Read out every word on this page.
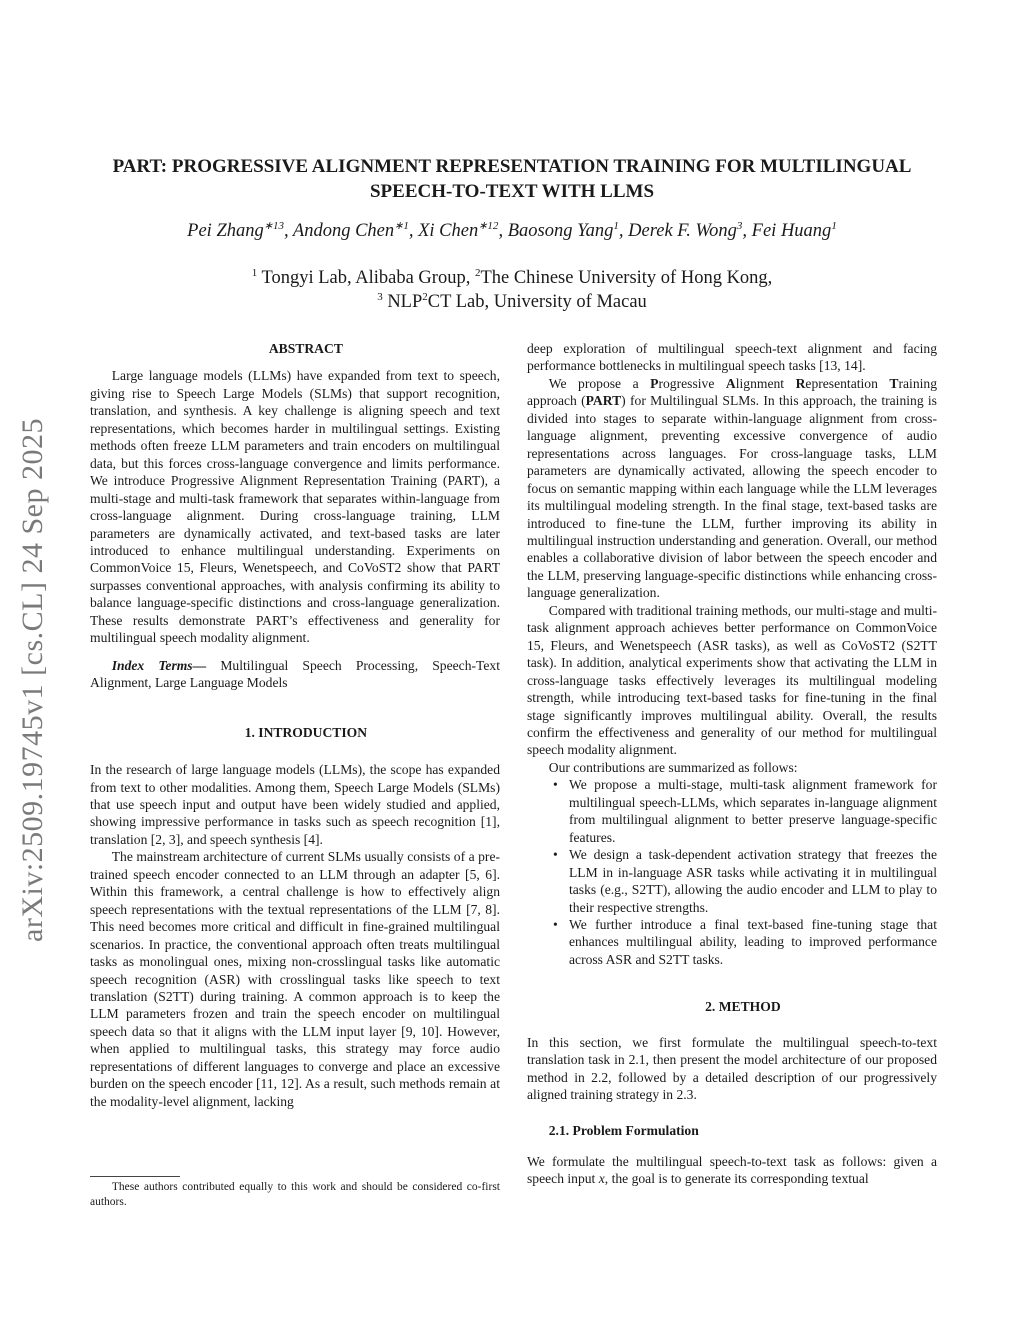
arXiv:2509.19745v1 [cs.CL] 24 Sep 2025
PART: PROGRESSIVE ALIGNMENT REPRESENTATION TRAINING FOR MULTILINGUAL
SPEECH-TO-TEXT WITH LLMS
Pei Zhang$^{∗13}$, Andong Chen$^{∗1}$, Xi Chen$^{∗12}$, Baosong Yang$^1$, Derek F. Wong$^3$, Fei Huang$^1$
$^1$ Tongyi Lab, Alibaba Group, $^2$The Chinese University of Hong Kong,
$^3$ NLP$^2$CT Lab, University of Macau

ABSTRACT

Large language models (LLMs) have expanded from text to speech, giving rise to Speech Large Models (SLMs) that support recognition, translation, and synthesis. A key challenge is aligning speech and text representations, which becomes harder in multilingual settings. Existing methods often freeze LLM parameters and train encoders on multilingual data, but this forces cross-language convergence and limits performance. We introduce Progressive Alignment Representation Training (PART), a multi-stage and multi-task framework that separates within-language from cross-language alignment. During cross-language training, LLM parameters are dynamically activated, and text-based tasks are later introduced to enhance multilingual understanding. Experiments on CommonVoice 15, Fleurs, Wenetspeech, and CoVoST2 show that PART surpasses conventional approaches, with analysis confirming its ability to balance language-specific distinctions and cross-language generalization. These results demonstrate PART’s effectiveness and generality for multilingual speech modality alignment.

Index Terms— Multilingual Speech Processing, Speech-Text Alignment, Large Language Models

1. INTRODUCTION

In the research of large language models (LLMs), the scope has expanded from text to other modalities. Among them, Speech Large Models (SLMs) that use speech input and output have been widely studied and applied, showing impressive performance in tasks such as speech recognition [1], translation [2, 3], and speech synthesis [4].

The mainstream architecture of current SLMs usually consists of a pre-trained speech encoder connected to an LLM through an adapter [5, 6]. Within this framework, a central challenge is how to effectively align speech representations with the textual representations of the LLM [7, 8]. This need becomes more critical and difficult in fine-grained multilingual scenarios. In practice, the conventional approach often treats multilingual tasks as monolingual ones, mixing non-crosslingual tasks like automatic speech recognition (ASR) with crosslingual tasks like speech to text translation (S2TT) during training. A common approach is to keep the LLM parameters frozen and train the speech encoder on multilingual speech data so that it aligns with the LLM input layer [9, 10]. However, when applied to multilingual tasks, this strategy may force audio representations of different languages to converge and place an excessive burden on the speech encoder [11, 12]. As a result, such methods remain at the modality-level alignment, lacking

These authors contributed equally to this work and should be considered co-first authors.

deep exploration of multilingual speech-text alignment and facing performance bottlenecks in multilingual speech tasks [13, 14].

We propose a Progressive Alignment Representation Training approach (PART) for Multilingual SLMs. In this approach, the training is divided into stages to separate within-language alignment from cross-language alignment, preventing excessive convergence of audio representations across languages. For cross-language tasks, LLM parameters are dynamically activated, allowing the speech encoder to focus on semantic mapping within each language while the LLM leverages its multilingual modeling strength. In the final stage, text-based tasks are introduced to fine-tune the LLM, further improving its ability in multilingual instruction understanding and generation. Overall, our method enables a collaborative division of labor between the speech encoder and the LLM, preserving language-specific distinctions while enhancing cross-language generalization.

Compared with traditional training methods, our multi-stage and multi-task alignment approach achieves better performance on CommonVoice 15, Fleurs, and Wenetspeech (ASR tasks), as well as CoVoST2 (S2TT task). In addition, analytical experiments show that activating the LLM in cross-language tasks effectively leverages its multilingual modeling strength, while introducing text-based tasks for fine-tuning in the final stage significantly improves multilingual ability. Overall, the results confirm the effectiveness and generality of our method for multilingual speech modality alignment.

Our contributions are summarized as follows:

• We propose a multi-stage, multi-task alignment framework for multilingual speech-LLMs, which separates in-language alignment from multilingual alignment to better preserve language-specific features.
• We design a task-dependent activation strategy that freezes the LLM in in-language ASR tasks while activating it in multilingual tasks (e.g., S2TT), allowing the audio encoder and LLM to play to their respective strengths.
• We further introduce a final text-based fine-tuning stage that enhances multilingual ability, leading to improved performance across ASR and S2TT tasks.

2. METHOD

In this section, we first formulate the multilingual speech-to-text translation task in 2.1, then present the model architecture of our proposed method in 2.2, followed by a detailed description of our progressively aligned training strategy in 2.3.

2.1. Problem Formulation

We formulate the multilingual speech-to-text task as follows: given a speech input x, the goal is to generate its corresponding textual
